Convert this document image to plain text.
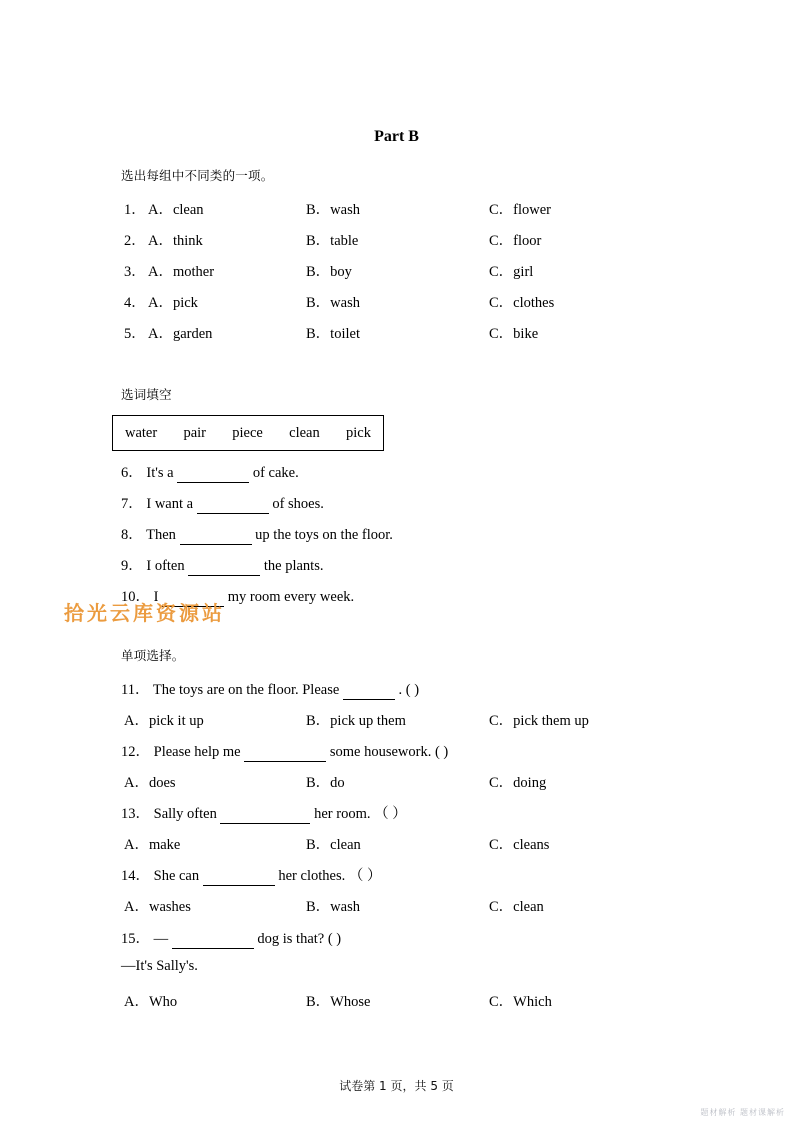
Part B
选出每组中不同类的一项。
1． A．clean	B．wash	C．flower
2． A．think	B．table	C．floor
3． A．mother	B．boy	C．girl
4． A．pick	B．wash	C．clothes
5． A．garden	B．toilet	C．bike
选词填空
water pair piece clean pick
6． It's a	of cake.
7． I want a	of shoes.
8． Then	up the toys on the floor.
9． I often	the plants.
10． I	my room every week.
拾光云库资源站
单项选择。
11． The toys are on the floor. Please	. ( )
A．pick it up	B．pick up them	C．pick them up
12． Please help me	some housework. ( )
A．does	B．do	C．doing
13． Sally often	her room. （ ）
A．make	B．clean	C．cleans
14． She can	her clothes. （ ）
A．washes	B．wash	C．clean
15． —	dog is that? ( )
—It's Sally's.
A．Who	B．Whose	C．Which
试卷第 1 页，共 5 页
题材解析 题材课解析
